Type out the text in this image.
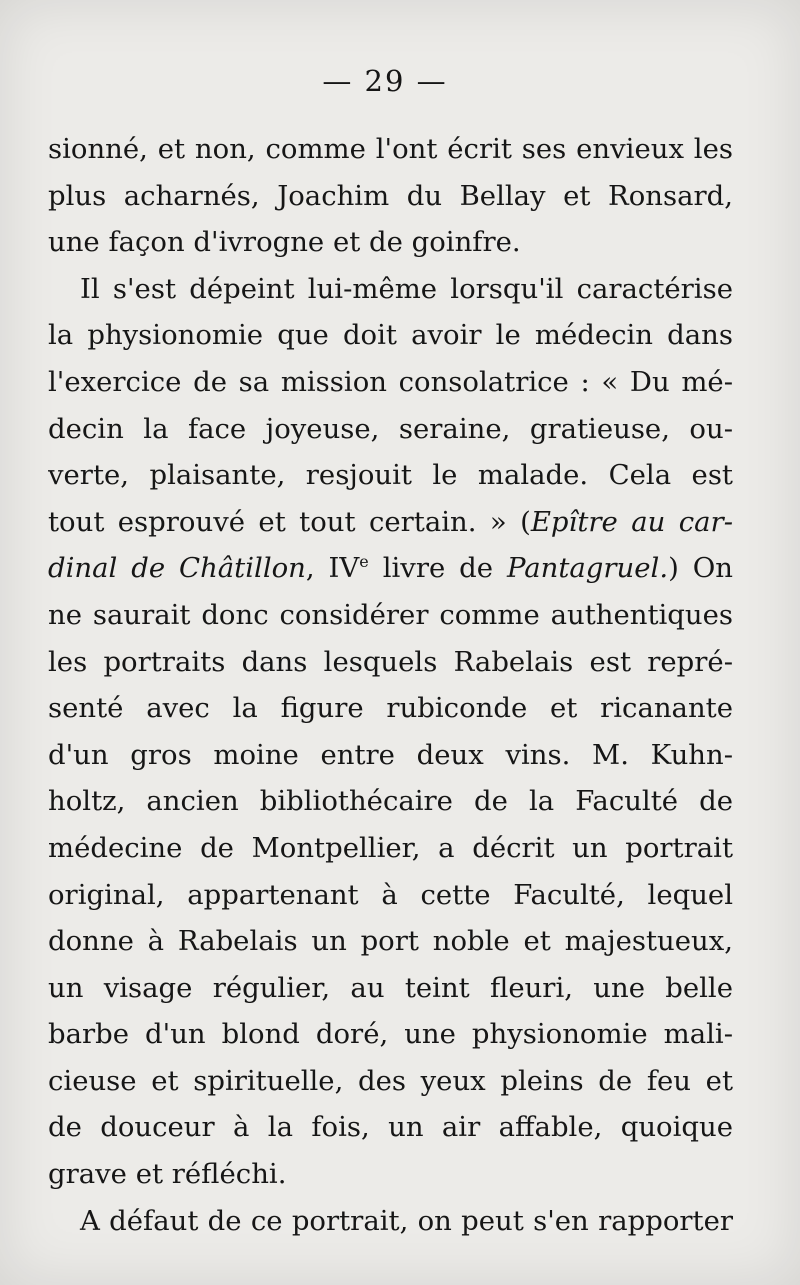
— 29 —
sionné, et non, comme l'ont écrit ses envieux les
plus acharnés, Joachim du Bellay et Ronsard,
une façon d'ivrogne et de goinfre.
Il s'est dépeint lui-même lorsqu'il caractérise
la physionomie que doit avoir le médecin dans
l'exercice de sa mission consolatrice : « Du mé-
decin la face joyeuse, seraine, gratieuse, ou-
verte, plaisante, resjouit le malade. Cela est
tout esprouvé et tout certain. » (Epître au car-
dinal de Châtillon, IVe livre de Pantagruel.) On
ne saurait donc considérer comme authentiques
les portraits dans lesquels Rabelais est repré-
senté avec la figure rubiconde et ricanante
d'un gros moine entre deux vins. M. Kuhn-
holtz, ancien bibliothécaire de la Faculté de
médecine de Montpellier, a décrit un portrait
original, appartenant à cette Faculté, lequel
donne à Rabelais un port noble et majestueux,
un visage régulier, au teint fleuri, une belle
barbe d'un blond doré, une physionomie mali-
cieuse et spirituelle, des yeux pleins de feu et
de douceur à la fois, un air affable, quoique
grave et réfléchi.
A défaut de ce portrait, on peut s'en rapporter
